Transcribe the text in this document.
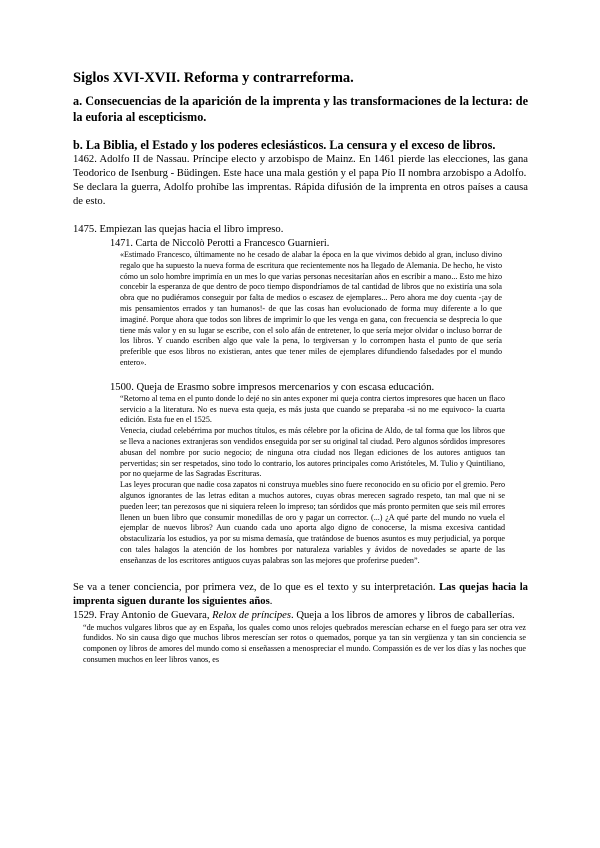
Siglos XVI-XVII. Reforma y contrarreforma.
a. Consecuencias de la aparición de la imprenta y las transformaciones de la lectura: de la euforia al escepticismo.
b. La Biblia, el Estado y los poderes eclesiásticos. La censura y el exceso de libros.

1462. Adolfo II de Nassau. Príncipe electo y arzobispo de Mainz. En 1461 pierde las elecciones, las gana Teodorico de Isenburg - Büdingen. Este hace una mala gestión y el papa Pío II nombra arzobispo a Adolfo.

Se declara la guerra, Adolfo prohíbe las imprentas. Rápida difusión de la imprenta en otros países a causa de esto.

1475. Empiezan las quejas hacia el libro impreso.

1471. Carta de Niccolò Perotti a Francesco Guarnieri.

«Estimado Francesco, últimamente no he cesado de alabar la época en la que vivimos debido al gran, incluso divino regalo que ha supuesto la nueva forma de escritura que recientemente nos ha llegado de Alemania. De hecho, he visto cómo un solo hombre imprimía en un mes lo que varias personas necesitarían años en escribir a mano... Esto me hizo concebir la esperanza de que dentro de poco tiempo dispondríamos de tal cantidad de libros que no existiría una sola obra que no pudiéramos conseguir por falta de medios o escasez de ejemplares... Pero ahora me doy cuenta -¡ay de mis pensamientos errados y tan humanos!- de que las cosas han evolucionado de forma muy diferente a lo que imaginé. Porque ahora que todos son libres de imprimir lo que les venga en gana, con frecuencia se desprecia lo que tiene más valor y en su lugar se escribe, con el solo afán de entretener, lo que sería mejor olvidar o incluso borrar de los libros. Y cuando escriben algo que vale la pena, lo tergiversan y lo corrompen hasta el punto de que sería preferible que esos libros no existieran, antes que tener miles de ejemplares difundiendo falsedades por el mundo entero».

1500. Queja de Erasmo sobre impresos mercenarios y con escasa educación.

“Retorno al tema en el punto donde lo dejé no sin antes exponer mi queja contra ciertos impresores que hacen un flaco servicio a la literatura. No es nueva esta queja, es más justa que cuando se preparaba -si no me equivoco- la cuarta edición. Esta fue en el 1525.

Venecia, ciudad celebérrima por muchos títulos, es más célebre por la oficina de Aldo, de tal forma que los libros que se lleva a naciones extranjeras son vendidos enseguida por ser su original tal ciudad. Pero algunos sórdidos impresores abusan del nombre por sucio negocio; de ninguna otra ciudad nos llegan ediciones de los autores antiguos tan pervertidas; sin ser respetados, sino todo lo contrario, los autores principales como Aristóteles, M. Tulio y Quintiliano, por no quejarme de las Sagradas Escrituras.

Las leyes procuran que nadie cosa zapatos ni construya muebles sino fuere reconocido en su oficio por el gremio. Pero algunos ignorantes de las letras editan a muchos autores, cuyas obras merecen sagrado respeto, tan mal que ni se pueden leer; tan perezosos que ni siquiera releen lo impreso; tan sórdidos que más pronto permiten que seis mil errores llenen un buen libro que consumir monedillas de oro y pagar un corrector. (...) ¿A qué parte del mundo no vuela el ejemplar de nuevos libros? Aun cuando cada uno aporta algo digno de conocerse, la misma excesiva cantidad obstaculizaría los estudios, ya por su misma demasía, que tratándose de buenos asuntos es muy perjudicial, ya porque con tales halagos la atención de los hombres por naturaleza variables y ávidos de novedades se aparte de las enseñanzas de los escritores antiguos cuyas palabras son las mejores que proferirse pueden”.

Se va a tener conciencia, por primera vez, de lo que es el texto y su interpretación. Las quejas hacia la imprenta siguen durante los siguientes años.

1529. Fray Antonio de Guevara, Relox de príncipes. Queja a los libros de amores y libros de caballerías.

“de muchos vulgares libros que ay en España, los quales como unos relojes quebrados merescían echarse en el fuego para ser otra vez fundidos. No sin causa digo que muchos libros merescían ser rotos o quemados, porque ya tan sin vergüenza y tan sin conciencia se componen oy libros de amores del mundo como si enseñassen a menospreciar el mundo. Compassión es de ver los días y las noches que consumen muchos en leer libros vanos, es
